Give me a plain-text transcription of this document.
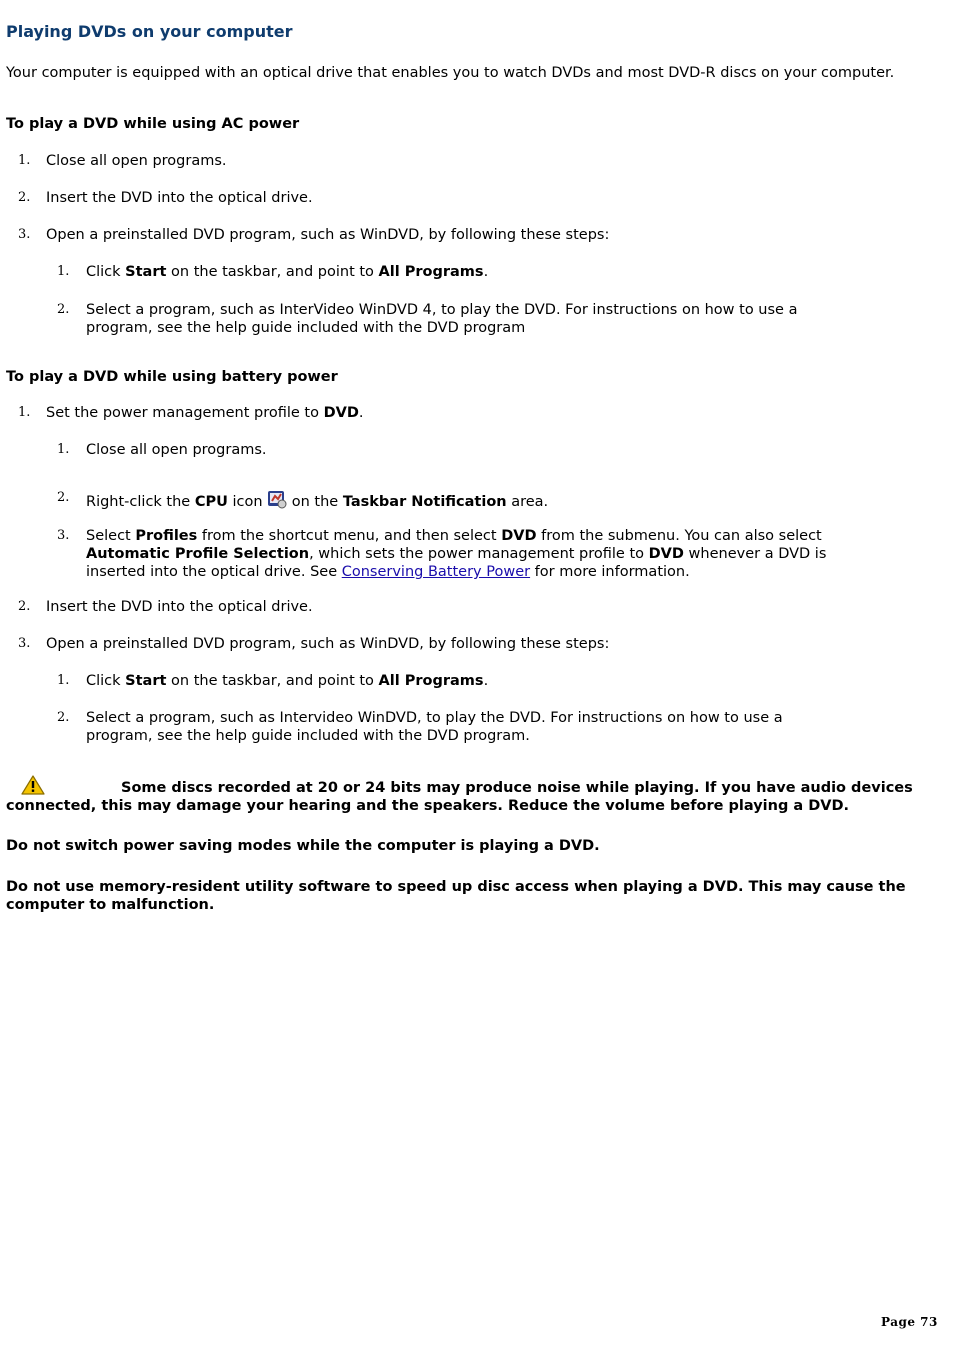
Playing DVDs on your computer
Your computer is equipped with an optical drive that enables you to watch DVDs and most DVD-R discs on your computer.
To play a DVD while using AC power
1. Close all open programs.
2. Insert the DVD into the optical drive.
3. Open a preinstalled DVD program, such as WinDVD, by following these steps:
1. Click Start on the taskbar, and point to All Programs.
2. Select a program, such as InterVideo WinDVD 4, to play the DVD. For instructions on how to use a program, see the help guide included with the DVD program
To play a DVD while using battery power
1. Set the power management profile to DVD.
1. Close all open programs.
2. Right-click the CPU icon  on the Taskbar Notification area.
3. Select Profiles from the shortcut menu, and then select DVD from the submenu. You can also select Automatic Profile Selection, which sets the power management profile to DVD whenever a DVD is inserted into the optical drive. See Conserving Battery Power for more information.
2. Insert the DVD into the optical drive.
3. Open a preinstalled DVD program, such as WinDVD, by following these steps:
1. Click Start on the taskbar, and point to All Programs.
2. Select a program, such as Intervideo WinDVD, to play the DVD. For instructions on how to use a program, see the help guide included with the DVD program.
Some discs recorded at 20 or 24 bits may produce noise while playing. If you have audio devices connected, this may damage your hearing and the speakers. Reduce the volume before playing a DVD.
Do not switch power saving modes while the computer is playing a DVD.
Do not use memory-resident utility software to speed up disc access when playing a DVD. This may cause the computer to malfunction.
Page 73
